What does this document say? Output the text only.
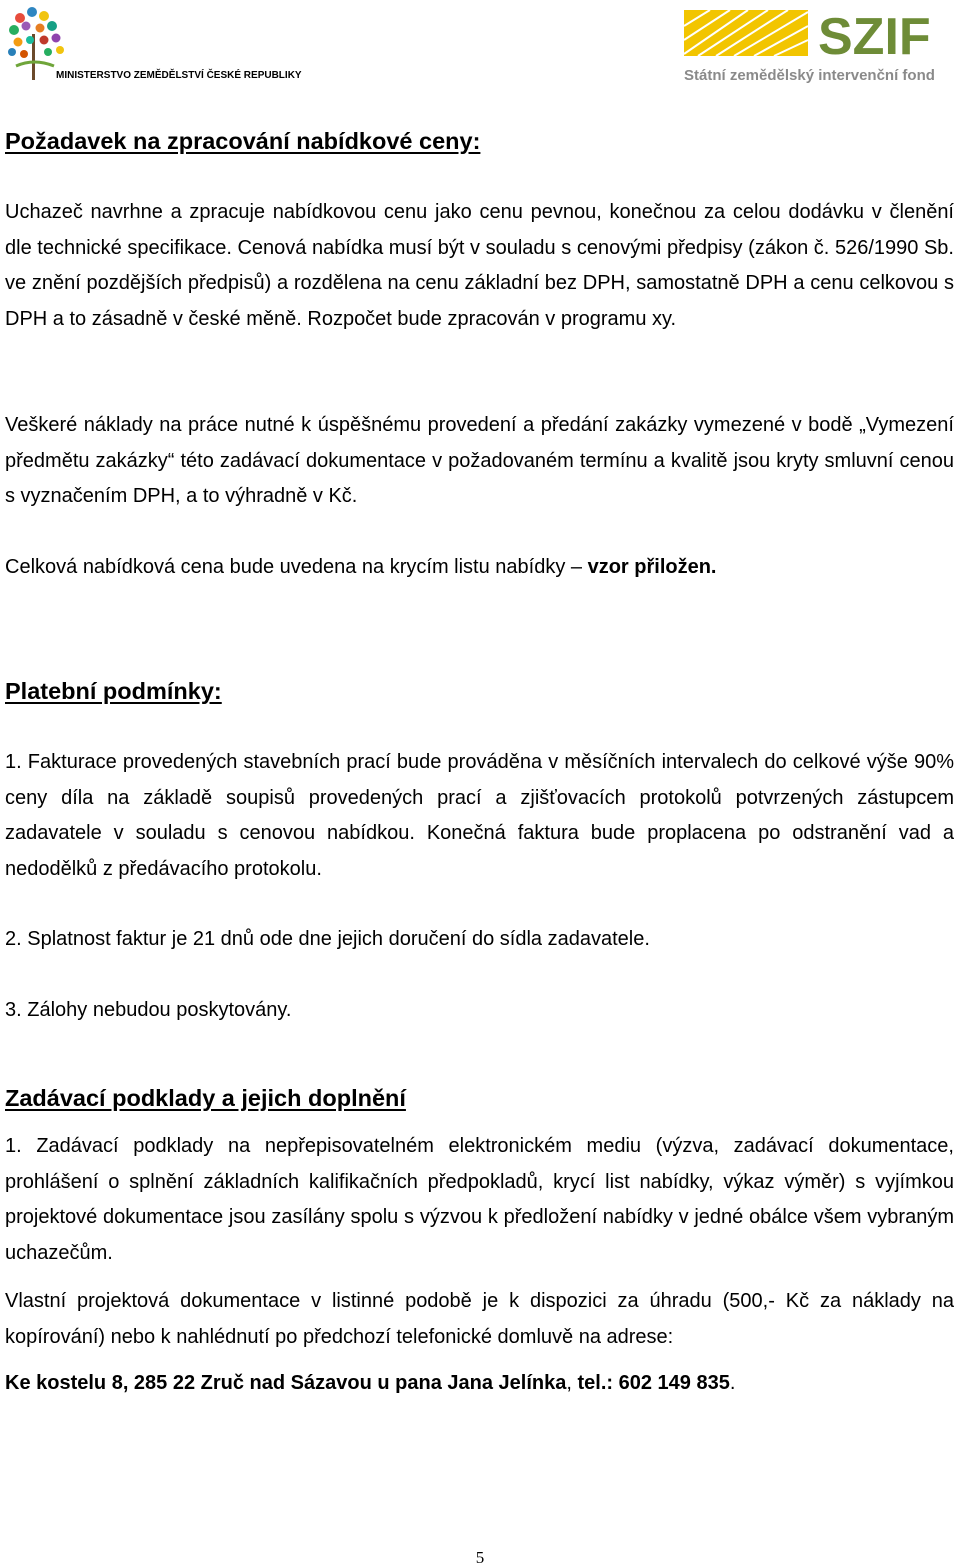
MINISTERSTVO ZEMĚDĚLSTVÍ ČESKÉ REPUBLIKY
SZIF
Státní zemědělský intervenční fond
Požadavek na zpracování nabídkové ceny:

Uchazeč navrhne a zpracuje nabídkovou cenu jako cenu pevnou, konečnou za celou dodávku v členění dle technické specifikace. Cenová nabídka musí být v souladu s cenovými předpisy (zákon č. 526/1990 Sb. ve znění pozdějších předpisů) a rozdělena na cenu základní bez DPH, samostatně DPH a cenu celkovou s DPH a to zásadně v české měně. Rozpočet bude zpracován v programu xy.

Veškeré náklady na práce nutné k úspěšnému provedení a předání zakázky vymezené v bodě „Vymezení předmětu zakázky“ této zadávací dokumentace v požadovaném termínu a kvalitě jsou kryty smluvní cenou s vyznačením DPH, a to výhradně v Kč.

Celková nabídková cena bude uvedena na krycím listu nabídky – vzor přiložen.

Platební podmínky:

1. Fakturace provedených stavebních prací bude prováděna v měsíčních intervalech do celkové výše 90% ceny díla na základě soupisů provedených prací a zjišťovacích protokolů potvrzených zástupcem zadavatele v souladu s cenovou nabídkou. Konečná faktura bude proplacena po odstranění vad a nedodělků z předávacího protokolu.

2. Splatnost faktur je 21 dnů ode dne jejich doručení do sídla zadavatele.

3. Zálohy nebudou poskytovány.

Zadávací podklady a jejich doplnění

1. Zadávací podklady na nepřepisovatelném elektronickém mediu (výzva, zadávací dokumentace, prohlášení o splnění základních kalifikačních předpokladů, krycí list nabídky, výkaz výměr) s vyjímkou projektové dokumentace jsou zasílány spolu s výzvou k předložení nabídky v jedné obálce všem vybraným uchazečům.

Vlastní projektová dokumentace v listinné podobě je k dispozici za úhradu (500,- Kč za náklady na kopírování) nebo k nahlédnutí po předchozí telefonické domluvě na adrese:

Ke kostelu 8, 285 22 Zruč nad Sázavou u pana Jana Jelínka, tel.: 602 149 835.

5
